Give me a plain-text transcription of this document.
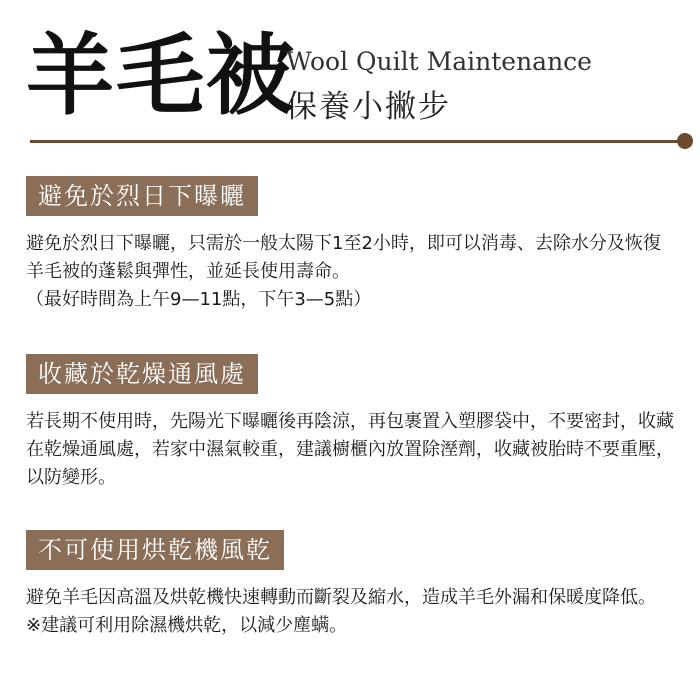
羊毛被
Wool Quilt Maintenance
保養小撇步
避免於烈日下曝曬

避免於烈日下曝曬，只需於一般太陽下1至2小時，即可以消毒、去除水分及恢復羊毛被的蓬鬆與彈性，並延長使用壽命。

（最好時間為上午9—11點，下午3—5點）

收藏於乾燥通風處

若長期不使用時，先陽光下曝曬後再陰涼，再包裹置入塑膠袋中，不要密封，收藏在乾燥通風處，若家中濕氣較重，建議櫥櫃內放置除溼劑，收藏被胎時不要重壓，以防變形。

不可使用烘乾機風乾

避免羊毛因高溫及烘乾機快速轉動而斷裂及縮水，造成羊毛外漏和保暖度降低。

※建議可利用除濕機烘乾，以減少塵螨。
